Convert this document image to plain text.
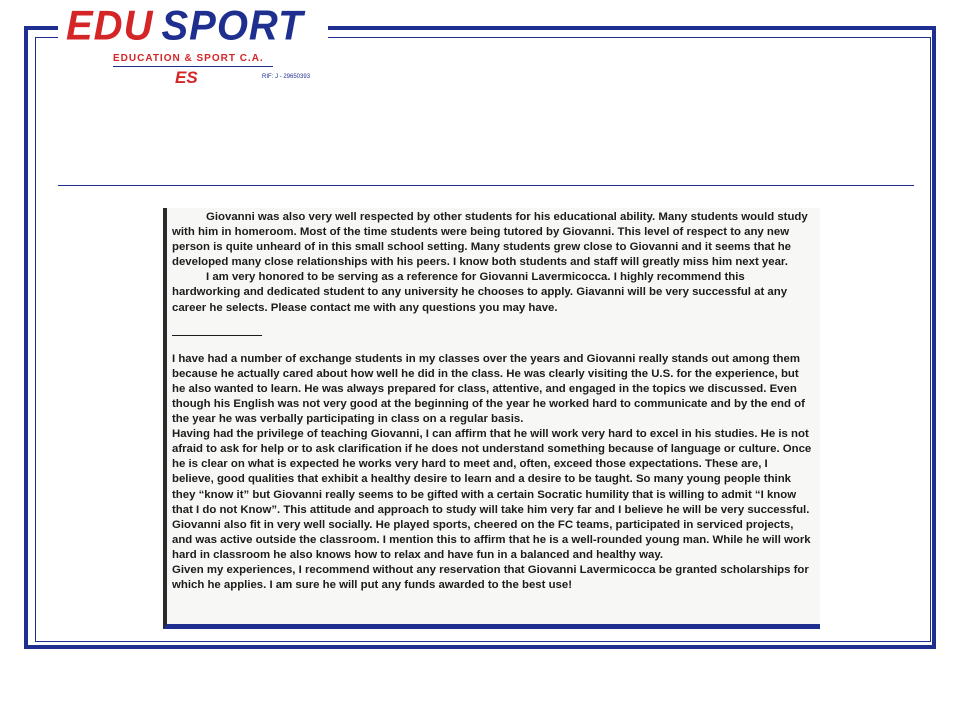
EDU SPORT
EDUCATION & SPORT C.A.
ES	RIF: J - 29650393

Giovanni was also very well respected by other students for his educational ability. Many students would study with him in homeroom. Most of the time students were being tutored by Giovanni. This level of respect to any new person is quite unheard of in this small school setting. Many students grew close to Giovanni and it seems that he developed many close relationships with his peers. I know both students and staff will greatly miss him next year.

I am very honored to be serving as a reference for Giovanni Lavermicocca. I highly recommend this hardworking and dedicated student to any university he chooses to apply. Giavanni will be very successful at any career he selects. Please contact me with any questions you may have.

I have had a number of exchange students in my classes over the years and Giovanni really stands out among them because he actually cared about how well he did in the class. He was clearly visiting the U.S. for the experience, but he also wanted to learn. He was always prepared for class, attentive, and engaged in the topics we discussed. Even though his English was not very good at the beginning of the year he worked hard to communicate and by the end of the year he was verbally participating in class on a regular basis.

Having had the privilege of teaching Giovanni, I can affirm that he will work very hard to excel in his studies. He is not afraid to ask for help or to ask clarification if he does not understand something because of language or culture. Once he is clear on what is expected he works very hard to meet and, often, exceed those expectations. These are, I believe, good qualities that exhibit a healthy desire to learn and a desire to be taught. So many young people think they “know it” but Giovanni really seems to be gifted with a certain Socratic humility that is willing to admit “I know that I do not Know”. This attitude and approach to study will take him very far and I believe he will be very successful.

Giovanni also fit in very well socially. He played sports, cheered on the FC teams, participated in serviced projects, and was active outside the classroom. I mention this to affirm that he is a well-rounded young man. While he will work hard in classroom he also knows how to relax and have fun in a balanced and healthy way.

Given my experiences, I recommend without any reservation that Giovanni Lavermicocca be granted scholarships for which he applies. I am sure he will put any funds awarded to the best use!
